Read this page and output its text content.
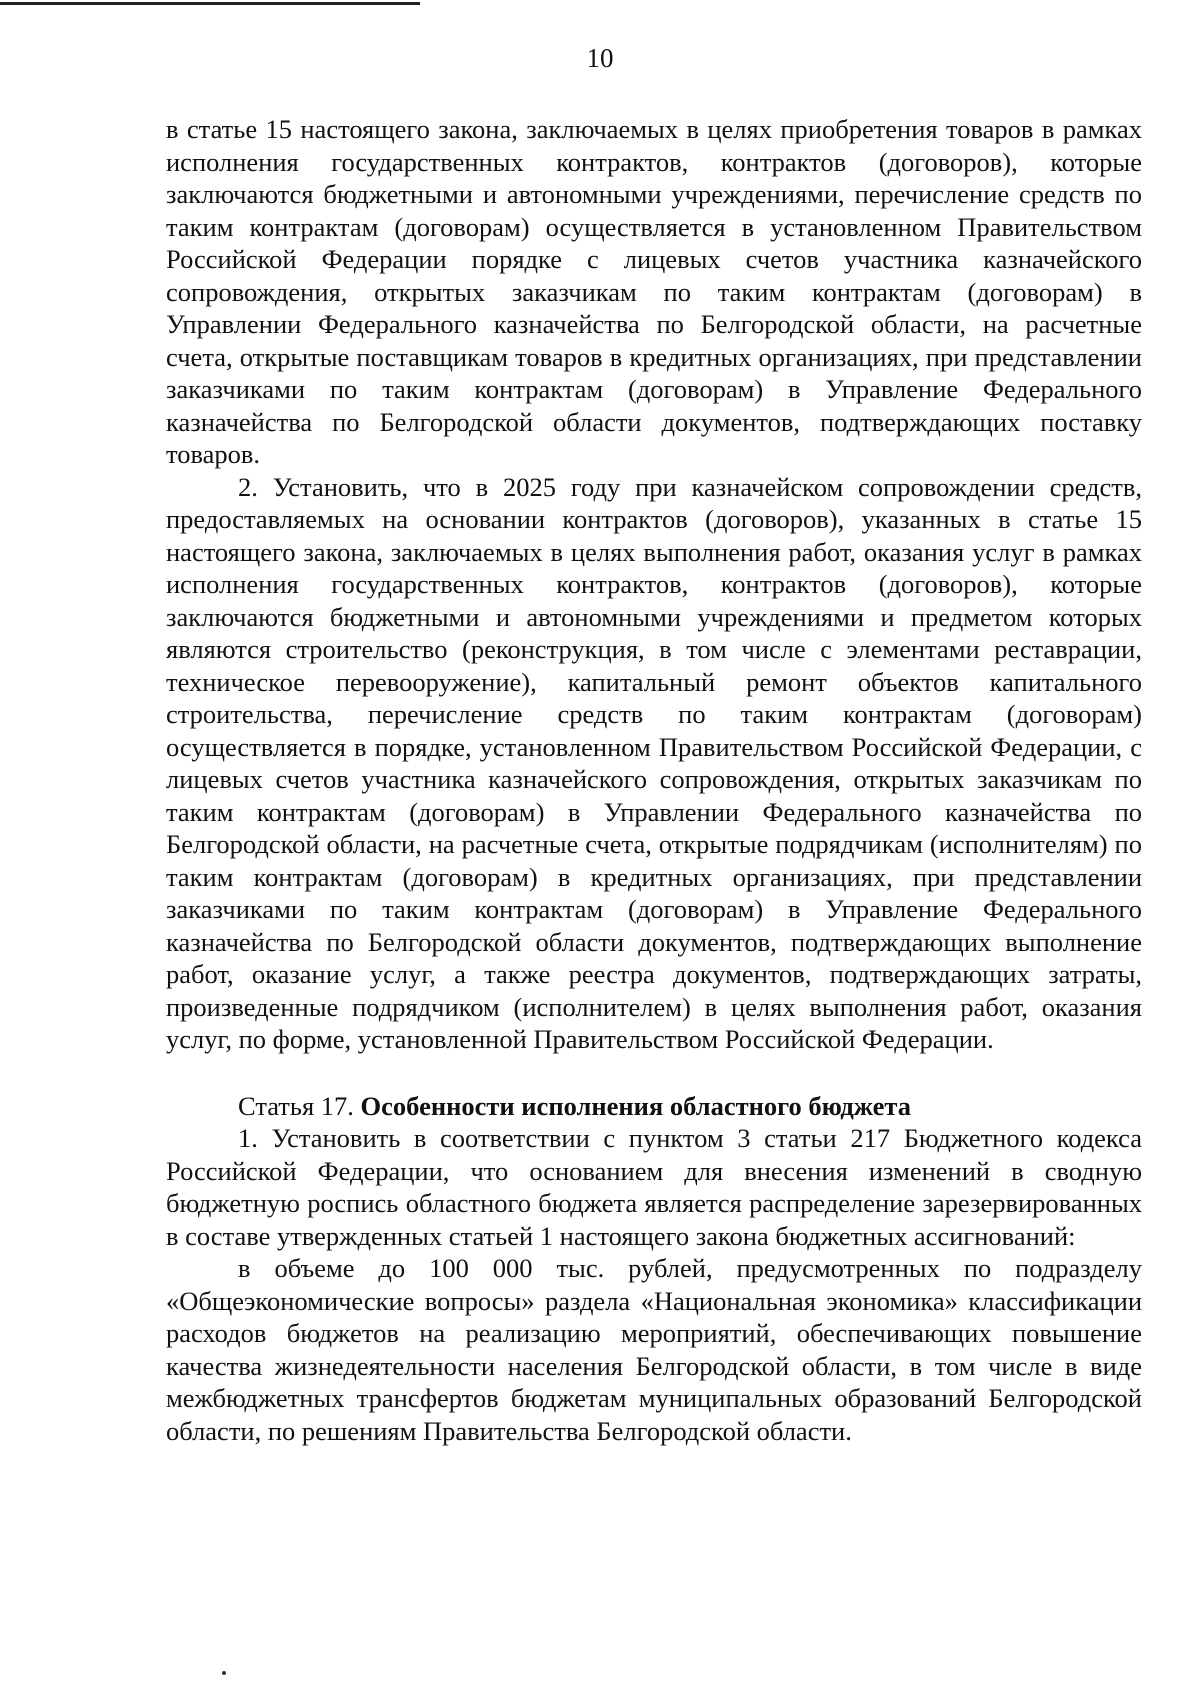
10

в статье 15 настоящего закона, заключаемых в целях приобретения товаров в рамках исполнения государственных контрактов, контрактов (договоров), которые заключаются бюджетными и автономными учреждениями, перечисление средств по таким контрактам (договорам) осуществляется в установленном Правительством Российской Федерации порядке с лицевых счетов участника казначейского сопровождения, открытых заказчикам по таким контрактам (договорам) в Управлении Федерального казначейства по Белгородской области, на расчетные счета, открытые поставщикам товаров в кредитных организациях, при представлении заказчиками по таким контрактам (договорам) в Управление Федерального казначейства по Белгородской области документов, подтверждающих поставку товаров.

2. Установить, что в 2025 году при казначейском сопровождении средств, предоставляемых на основании контрактов (договоров), указанных в статье 15 настоящего закона, заключаемых в целях выполнения работ, оказания услуг в рамках исполнения государственных контрактов, контрактов (договоров), которые заключаются бюджетными и автономными учреждениями и предметом которых являются строительство (реконструкция, в том числе с элементами реставрации, техническое перевооружение), капитальный ремонт объектов капитального строительства, перечисление средств по таким контрактам (договорам) осуществляется в порядке, установленном Правительством Российской Федерации, с лицевых счетов участника казначейского сопровождения, открытых заказчикам по таким контрактам (договорам) в Управлении Федерального казначейства по Белгородской области, на расчетные счета, открытые подрядчикам (исполнителям) по таким контрактам (договорам) в кредитных организациях, при представлении заказчиками по таким контрактам (договорам) в Управление Федерального казначейства по Белгородской области документов, подтверждающих выполнение работ, оказание услуг, а также реестра документов, подтверждающих затраты, произведенные подрядчиком (исполнителем) в целях выполнения работ, оказания услуг, по форме, установленной Правительством Российской Федерации.

Статья 17. Особенности исполнения областного бюджета

1. Установить в соответствии с пунктом 3 статьи 217 Бюджетного кодекса Российской Федерации, что основанием для внесения изменений в сводную бюджетную роспись областного бюджета является распределение зарезервированных в составе утвержденных статьей 1 настоящего закона бюджетных ассигнований:

в объеме до 100 000 тыс. рублей, предусмотренных по подразделу «Общеэкономические вопросы» раздела «Национальная экономика» классификации расходов бюджетов на реализацию мероприятий, обеспечивающих повышение качества жизнедеятельности населения Белгородской области, в том числе в виде межбюджетных трансфертов бюджетам муниципальных образований Белгородской области, по решениям Правительства Белгородской области.
